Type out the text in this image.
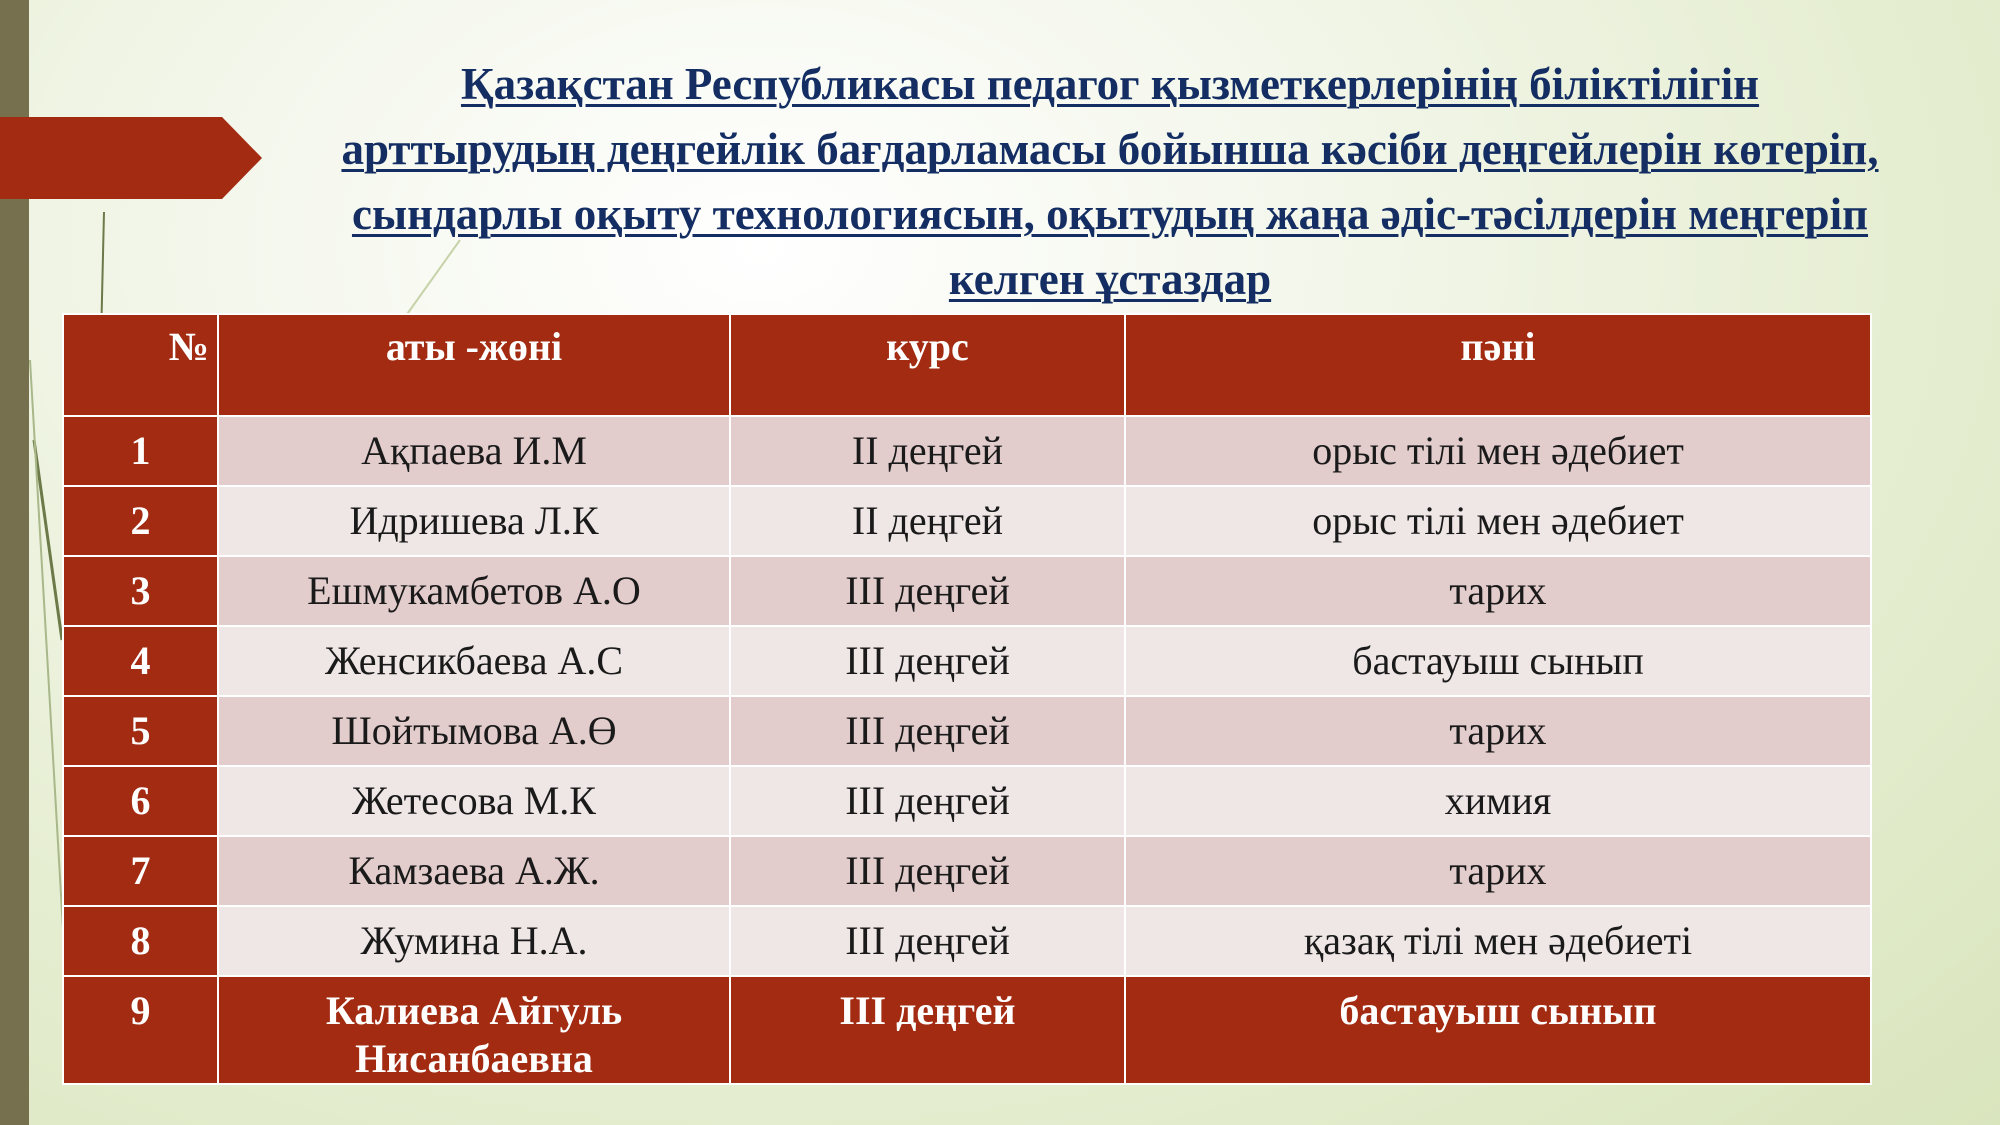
Қазақстан Республикасы педагог қызметкерлерінің біліктілігін арттырудың деңгейлік бағдарламасы бойынша кәсіби деңгейлерін көтеріп, сындарлы оқыту технологиясын, оқытудың жаңа әдіс-тәсілдерін меңгеріп келген ұстаздар
№	аты -жөні	курс	пәні
1	Ақпаева И.М	ІІ деңгей	орыс тілі мен әдебиет
2	Идришева Л.К	ІІ деңгей	орыс тілі мен әдебиет
3	Ешмукамбетов А.О	ІІІ деңгей	тарих
4	Женсикбаева А.С	ІІІ деңгей	бастауыш сынып
5	Шойтымова А.Ө	ІІІ деңгей	тарих
6	Жетесова М.К	ІІІ деңгей	химия
7	Камзаева А.Ж.	ІІІ деңгей	тарих
8	Жумина Н.А.	ІІІ деңгей	қазақ тілі мен әдебиеті
9	Калиева Айгуль Нисанбаевна	ІІІ деңгей	бастауыш сынып
